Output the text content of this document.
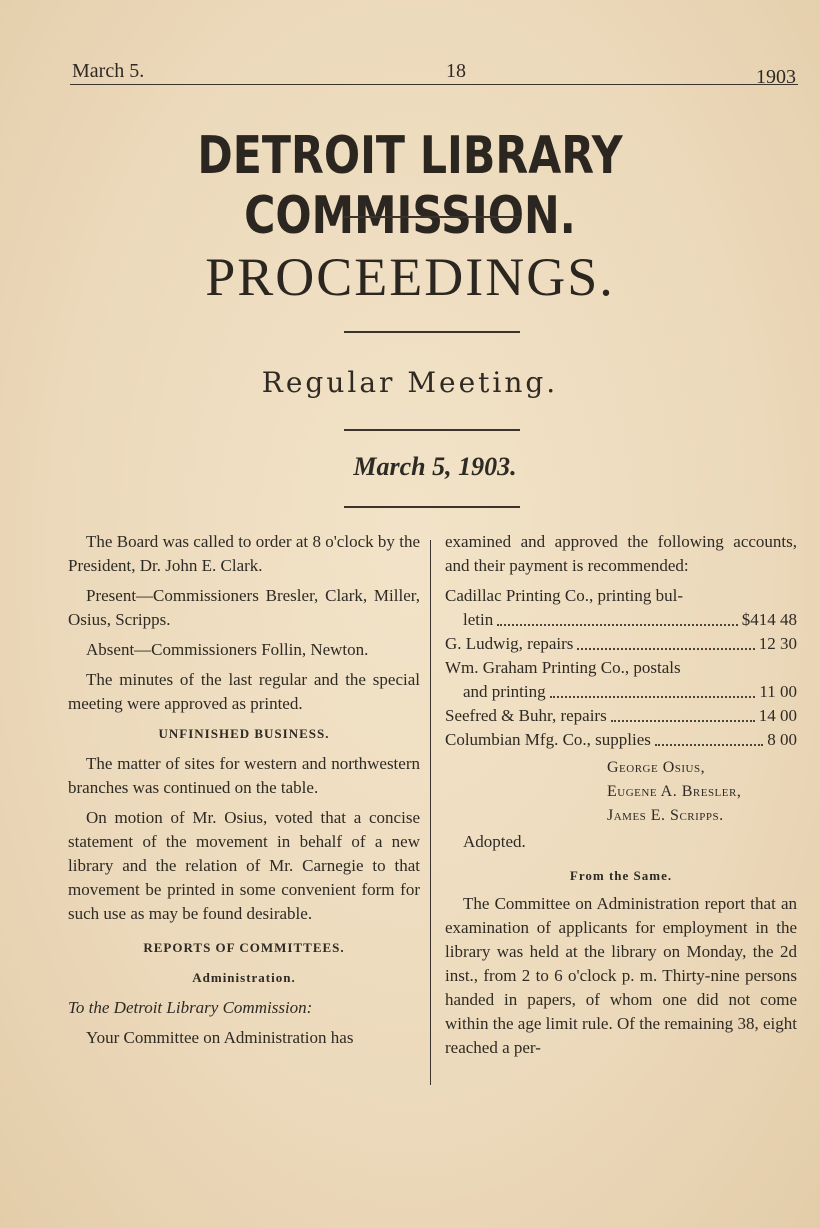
March 5.	18	1903
DETROIT LIBRARY COMMISSION.
PROCEEDINGS.
Regular Meeting.
March 5, 1903.

The Board was called to order at 8 o'clock by the President, Dr. John E. Clark.

Present—Commissioners Bresler, Clark, Miller, Osius, Scripps.

Absent—Commissioners Follin, Newton.

The minutes of the last regular and the special meeting were approved as printed.

UNFINISHED BUSINESS.

The matter of sites for western and northwestern branches was continued on the table.

On motion of Mr. Osius, voted that a concise statement of the movement in behalf of a new library and the relation of Mr. Carnegie to that movement be printed in some convenient form for such use as may be found desirable.

REPORTS OF COMMITTEES.

Administration.

To the Detroit Library Commission:

Your Committee on Administration has

examined and approved the following accounts, and their payment is recommended:

Cadillac Printing Co., printing bul-
letin	$414 48
G. Ludwig, repairs	12 30
Wm. Graham Printing Co., postals
and printing	11 00
Seefred & Buhr, repairs	14 00
Columbian Mfg. Co., supplies	8 00
George Osius,
Eugene A. Bresler,
James E. Scripps.

Adopted.

From the Same.

The Committee on Administration report that an examination of applicants for employment in the library was held at the library on Monday, the 2d inst., from 2 to 6 o'clock p. m. Thirty-nine persons handed in papers, of whom one did not come within the age limit rule. Of the remaining 38, eight reached a per-
